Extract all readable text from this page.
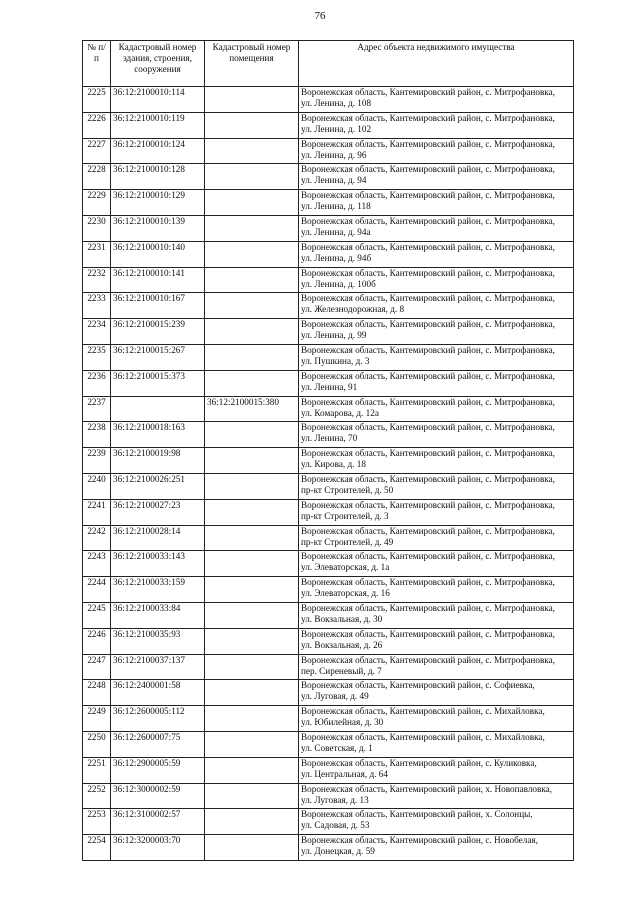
76
№ п/п	Кадастровый номер здания, строения, сооружения	Кадастровый номер помещения	Адрес объекта недвижимого имущества
2225	36:12:2100010:114		Воронежская область, Кантемировский район, с. Митрофановка,
ул. Ленина, д. 108

2226	36:12:2100010:119		Воронежская область, Кантемировский район, с. Митрофановка,
ул. Ленина, д. 102

2227	36:12:2100010:124		Воронежская область, Кантемировский район, с. Митрофановка,
ул. Ленина, д. 96

2228	36:12:2100010:128		Воронежская область, Кантемировский район, с. Митрофановка,
ул. Ленина, д. 94

2229	36:12:2100010:129		Воронежская область, Кантемировский район, с. Митрофановка,
ул. Ленина, д. 118

2230	36:12:2100010:139		Воронежская область, Кантемировский район, с. Митрофановка,
ул. Ленина, д. 94а

2231	36:12:2100010:140		Воронежская область, Кантемировский район, с. Митрофановка,
ул. Ленина, д. 94б

2232	36:12:2100010:141		Воронежская область, Кантемировский район, с. Митрофановка,
ул. Ленина, д. 100б

2233	36:12:2100010:167		Воронежская область, Кантемировский район, с. Митрофановка,
ул. Железнодорожная, д. 8

2234	36:12:2100015:239		Воронежская область, Кантемировский район, с. Митрофановка,
ул. Ленина, д. 99

2235	36:12:2100015:267		Воронежская область, Кантемировский район, с. Митрофановка,
ул. Пушкина, д. 3

2236	36:12:2100015:373		Воронежская область, Кантемировский район, с. Митрофановка,
ул. Ленина, 91

2237		36:12:2100015:380	Воронежская область, Кантемировский район, с. Митрофановка,
ул. Комарова, д. 12а

2238	36:12:2100018:163		Воронежская область, Кантемировский район, с. Митрофановка,
ул. Ленина, 70

2239	36:12:2100019:98		Воронежская область, Кантемировский район, с. Митрофановка,
ул. Кирова, д. 18

2240	36:12:2100026:251		Воронежская область, Кантемировский район, с. Митрофановка,
пр-кт Строителей, д. 50

2241	36:12:2100027:23		Воронежская область, Кантемировский район, с. Митрофановка,
пр-кт Строителей, д. 3

2242	36:12:2100028:14		Воронежская область, Кантемировский район, с. Митрофановка,
пр-кт Строителей, д. 49

2243	36:12:2100033:143		Воронежская область, Кантемировский район, с. Митрофановка,
ул. Элеваторская, д. 1а

2244	36:12:2100033:159		Воронежская область, Кантемировский район, с. Митрофановка,
ул. Элеваторская, д. 16

2245	36:12:2100033:84		Воронежская область, Кантемировский район, с. Митрофановка,
ул. Вокзальная, д. 30

2246	36:12:2100035:93		Воронежская область, Кантемировский район, с. Митрофановка,
ул. Вокзальная, д. 26

2247	36:12:2100037:137		Воронежская область, Кантемировский район, с. Митрофановка,
пер. Сиреневый, д. 7

2248	36:12:2400001:58		Воронежская область, Кантемировский район, с. Софиевка,
ул. Луговая, д. 49

2249	36:12:2600005:112		Воронежская область, Кантемировский район, с. Михайловка,
ул. Юбилейная, д. 30

2250	36:12:2600007:75		Воронежская область, Кантемировский район, с. Михайловка,
ул. Советская, д. 1

2251	36:12:2900005:59		Воронежская область, Кантемировский район, с. Куликовка,
ул. Центральная, д. 64

2252	36:12:3000002:59		Воронежская область, Кантемировский район, х. Новопавловка,
ул. Луговая, д. 13

2253	36:12:3100002:57		Воронежская область, Кантемировский район, х. Солонцы,
ул. Садовая, д. 53

2254	36:12:3200003:70		Воронежская область, Кантемировский район, с. Новобелая,
ул. Донецкая, д. 59
